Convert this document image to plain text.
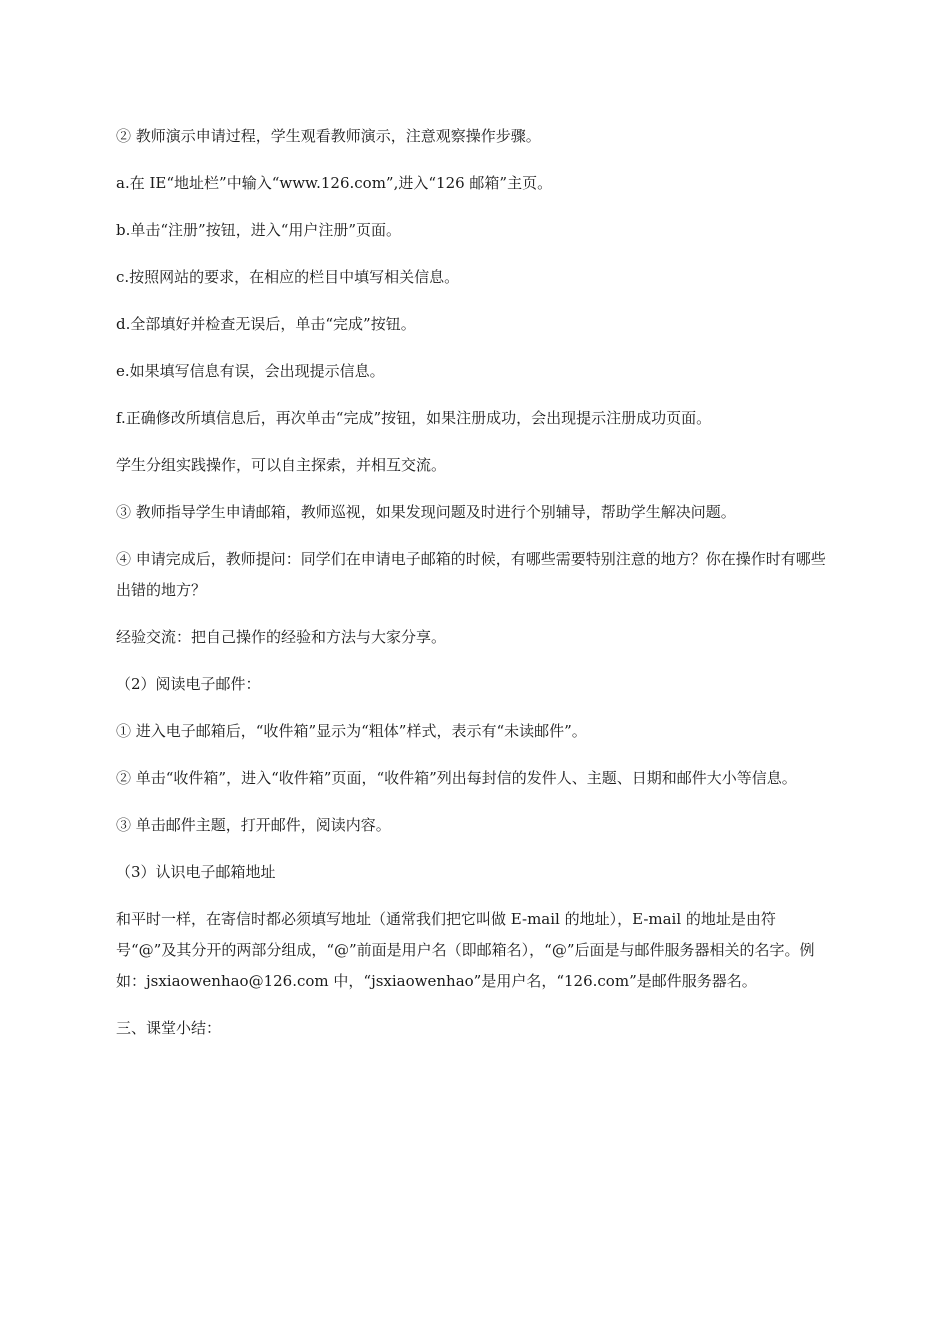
② 教师演示申请过程，学生观看教师演示，注意观察操作步骤。

a.在 IE“地址栏”中输入“www.126.com”,进入“126 邮箱”主页。

b.单击“注册”按钮，进入“用户注册”页面。

c.按照网站的要求，在相应的栏目中填写相关信息。

d.全部填好并检查无误后，单击“完成”按钮。

e.如果填写信息有误，会出现提示信息。

f.正确修改所填信息后，再次单击“完成”按钮，如果注册成功，会出现提示注册成功页面。

学生分组实践操作，可以自主探索，并相互交流。

③ 教师指导学生申请邮箱，教师巡视，如果发现问题及时进行个别辅导，帮助学生解决问题。

④ 申请完成后，教师提问：同学们在申请电子邮箱的时候，有哪些需要特别注意的地方？你在操作时有哪些出错的地方？

经验交流：把自己操作的经验和方法与大家分享。

（2）阅读电子邮件：

① 进入电子邮箱后，“收件箱”显示为“粗体”样式，表示有“未读邮件”。

② 单击“收件箱”，进入“收件箱”页面，“收件箱”列出每封信的发件人、主题、日期和邮件大小等信息。

③ 单击邮件主题，打开邮件，阅读内容。

（3）认识电子邮箱地址

和平时一样，在寄信时都必须填写地址（通常我们把它叫做 E-mail 的地址），E-mail 的地址是由符号“@”及其分开的两部分组成，“@”前面是用户名（即邮箱名），“@”后面是与邮件服务器相关的名字。例如：jsxiaowenhao@126.com 中，“jsxiaowenhao”是用户名，“126.com”是邮件服务器名。

三、课堂小结：
